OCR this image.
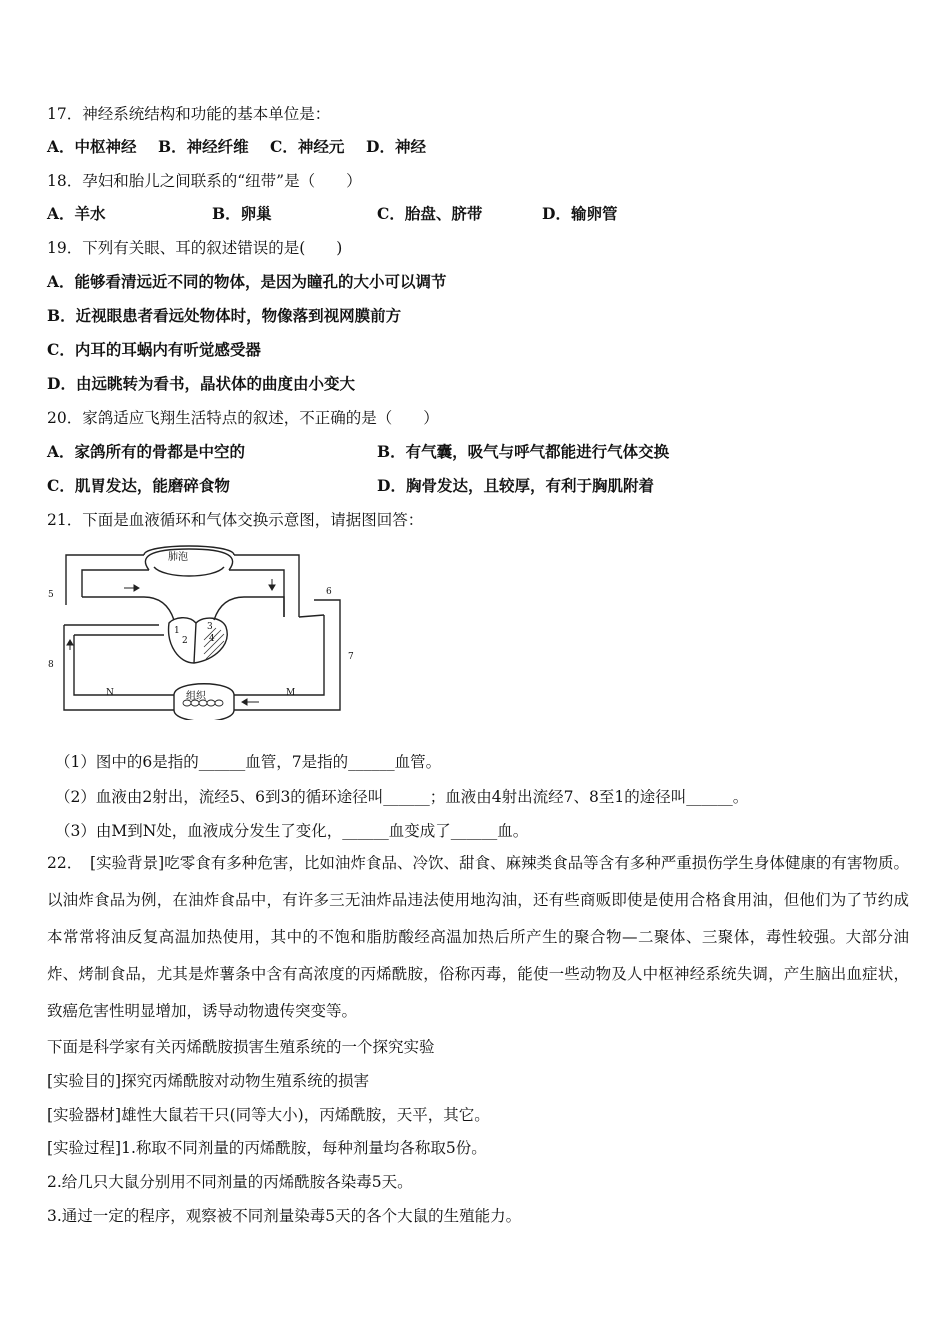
17．神经系统结构和功能的基本单位是：
A．中枢神经 B．神经纤维 C．神经元 D．神经
18．孕妇和胎儿之间联系的“纽带”是（　　）
A．羊水	B．卵巢	C．胎盘、脐带	D．输卵管
19．下列有关眼、耳的叙述错误的是(　　)
A．能够看清远近不同的物体，是因为瞳孔的大小可以调节
B．近视眼患者看远处物体时，物像落到视网膜前方
C．内耳的耳蜗内有听觉感受器
D．由远眺转为看书，晶状体的曲度由小变大
20．家鸽适应飞翔生活特点的叙述，不正确的是（　　）
A．家鸽所有的骨都是中空的	B．有气囊，吸气与呼气都能进行气体交换
C．肌胃发达，能磨碎食物	D．胸骨发达，且较厚，有利于胸肌附着
21．下面是血液循环和气体交换示意图，请据图回答：
肺泡
组织
1
2
3
4
5	6
7
8
N	M
（1）图中的6是指的______血管，7是指的______血管。
（2）血液由2射出，流经5、6到3的循环途径叫______；血液由4射出流经7、8至1的途径叫______。
（3）由M到N处，血液成分发生了变化，______血变成了______血。
22．　[实验背景]吃零食有多种危害，比如油炸食品、冷饮、甜食、麻辣类食品等含有多种严重损伤学生身体健康的有害物质。以油炸食品为例，在油炸食品中，有许多三无油炸品违法使用地沟油，还有些商贩即使是使用合格食用油，但他们为了节约成本常常将油反复高温加热使用，其中的不饱和脂肪酸经高温加热后所产生的聚合物—二聚体、三聚体，毒性较强。大部分油炸、烤制食品，尤其是炸薯条中含有高浓度的丙烯酰胺，俗称丙毒，能使一些动物及人中枢神经系统失调，产生脑出血症状，致癌危害性明显增加，诱导动物遗传突变等。
下面是科学家有关丙烯酰胺损害生殖系统的一个探究实验
[实验目的]探究丙烯酰胺对动物生殖系统的损害
[实验器材]雄性大鼠若干只(同等大小)，丙烯酰胺，天平，其它。
[实验过程]1.称取不同剂量的丙烯酰胺，每种剂量均各称取5份。
2.给几只大鼠分别用不同剂量的丙烯酰胺各染毒5天。
3.通过一定的程序，观察被不同剂量染毒5天的各个大鼠的生殖能力。
